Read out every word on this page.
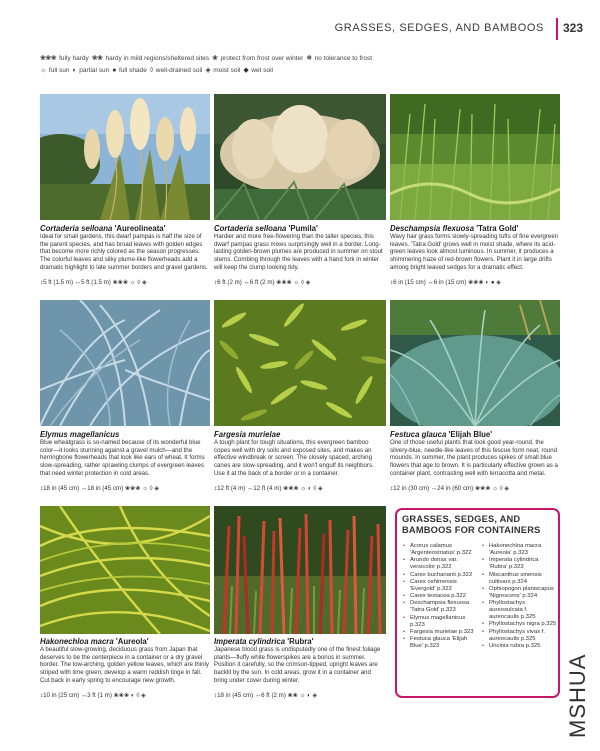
GRASSES, SEDGES, AND BAMBOOS 323
❀❀❀ fully hardy ❀❀ hardy in mild regions/sheltered sites ❀ protect from frost over winter ❅ no tolerance to frost
☼ full sun ◐ partial sun ● full shade ◊ well-drained soil ◈ moist soil ◆ wet soil
Cortaderia selloana 'Aureolineata'
Ideal for small gardens, this dwarf pampas is half the size of the parent species, and has broad leaves with golden edges that become more richly colored as the season progresses. The colorful leaves and silky plume-like flowerheads add a dramatic highlight to late summer borders and gravel gardens.
↕5 ft (1.5 m) ↔5 ft (1.5 m) ❀❀❀ ☼ ◊ ◈
Cortaderia selloana 'Pumila'
Hardier and more free-flowering than the taller species, this dwarf pampas grass mixes surprisingly well in a border. Long-lasting golden-brown plumes are produced in summer on stout stems. Combing through the leaves with a hand fork in winter will keep the clump looking tidy.
↕6 ft (2 m) ↔6 ft (2 m) ❀❀❀ ☼ ◊ ◈
Deschampsia flexuosa 'Tatra Gold'
Wavy hair grass forms slowly-spreading tufts of fine evergreen leaves. 'Tatra Gold' grows well in moist shade, where its acid-green leaves look almost luminous. In summer, it produces a shimmering haze of red-brown flowers. Plant it in large drifts among bright leaved sedges for a dramatic effect.
↕6 in (15 cm) ↔6 in (15 cm) ❀❀❀ ◐ ● ◈
Elymus magellanicus
Blue wheatgrass is so-named because of its wonderful blue color—it looks stunning against a gravel mulch—and the herringbone flowerheads that look like ears of wheat. It forms slow-spreading, rather sprawling clumps of evergreen leaves that need winter protection in cold areas.
↕18 in (45 cm) ↔18 in (45 cm) ❀❀❀ ☼ ◊ ◈
Fargesia murielae
A tough plant for tough situations, this evergreen bamboo copes well with dry soils and exposed sites, and makes an effective windbreak or screen. The closely spaced, arching canes are slow-spreading, and it won't engulf its neighbors. Use it at the back of a border or in a container.
↕12 ft (4 m) ↔12 ft (4 m) ❀❀❀ ☼ ◐ ◊ ◈
Festuca glauca 'Elijah Blue'
One of those useful plants that look good year-round, the silvery-blue, needle-like leaves of this fescue form neat, round mounds. In summer, the plant produces spikes of small blue flowers that age to brown. It is particularly effective grown as a container plant, contrasting well with terracotta and metal.
↕12 in (30 cm) ↔24 in (60 cm) ❀❀❀ ☼ ◊ ◈
Hakonechloa macra 'Aureola'
A beautiful slow-growing, deciduous grass from Japan that deserves to be the centerpiece in a container or a dry gravel border. The low-arching, golden yellow leaves, which are thinly striped with lime green, develop a warm reddish tinge in fall. Cut back in early spring to encourage new growth.
↕10 in (25 cm) ↔3 ft (1 m) ❀❀❀ ◐ ◊ ◈
Imperata cylindrica 'Rubra'
Japanese blood grass is undisputedly one of the finest foliage plants—fluffy white flowerspikes are a bonus in summer. Position it carefully, so the crimson-tipped, upright leaves are backlit by the sun. In cold areas, grow it in a container and bring under cover during winter.
↕18 in (45 cm) ↔6 ft (2 m) ❀❀ ☼ ◐ ◈
GRASSES, SEDGES, AND BAMBOOS FOR CONTAINERS
• Acorus calamus 'Argenteostriatus' p.322
• Arundo donax var. versicolor p.322
• Carex buchananii p.322
• Carex oshimensis 'Evergold' p.322
• Carex testacea p.322
• Deschampsia flexuosa 'Tatra Gold' p.323
• Elymus magellanicus p.323
• Fargesia murielae p.323
• Festuca glauca 'Elijah Blue' p.323
• Hakonechloa macra 'Aureola' p.323
• Imperata cylindrica 'Rubra' p.323
• Miscanthus sinensis cultivars p.324
• Ophiopogon planiscapus 'Nigrescens' p.324
• Phyllostachys aureosulcata f. aureocaulis p.325
• Phyllostachys nigra p.325
• Phyllostachys vivax f. aureocaulis p.325
• Uncinia rubra p.325
MSHUA
